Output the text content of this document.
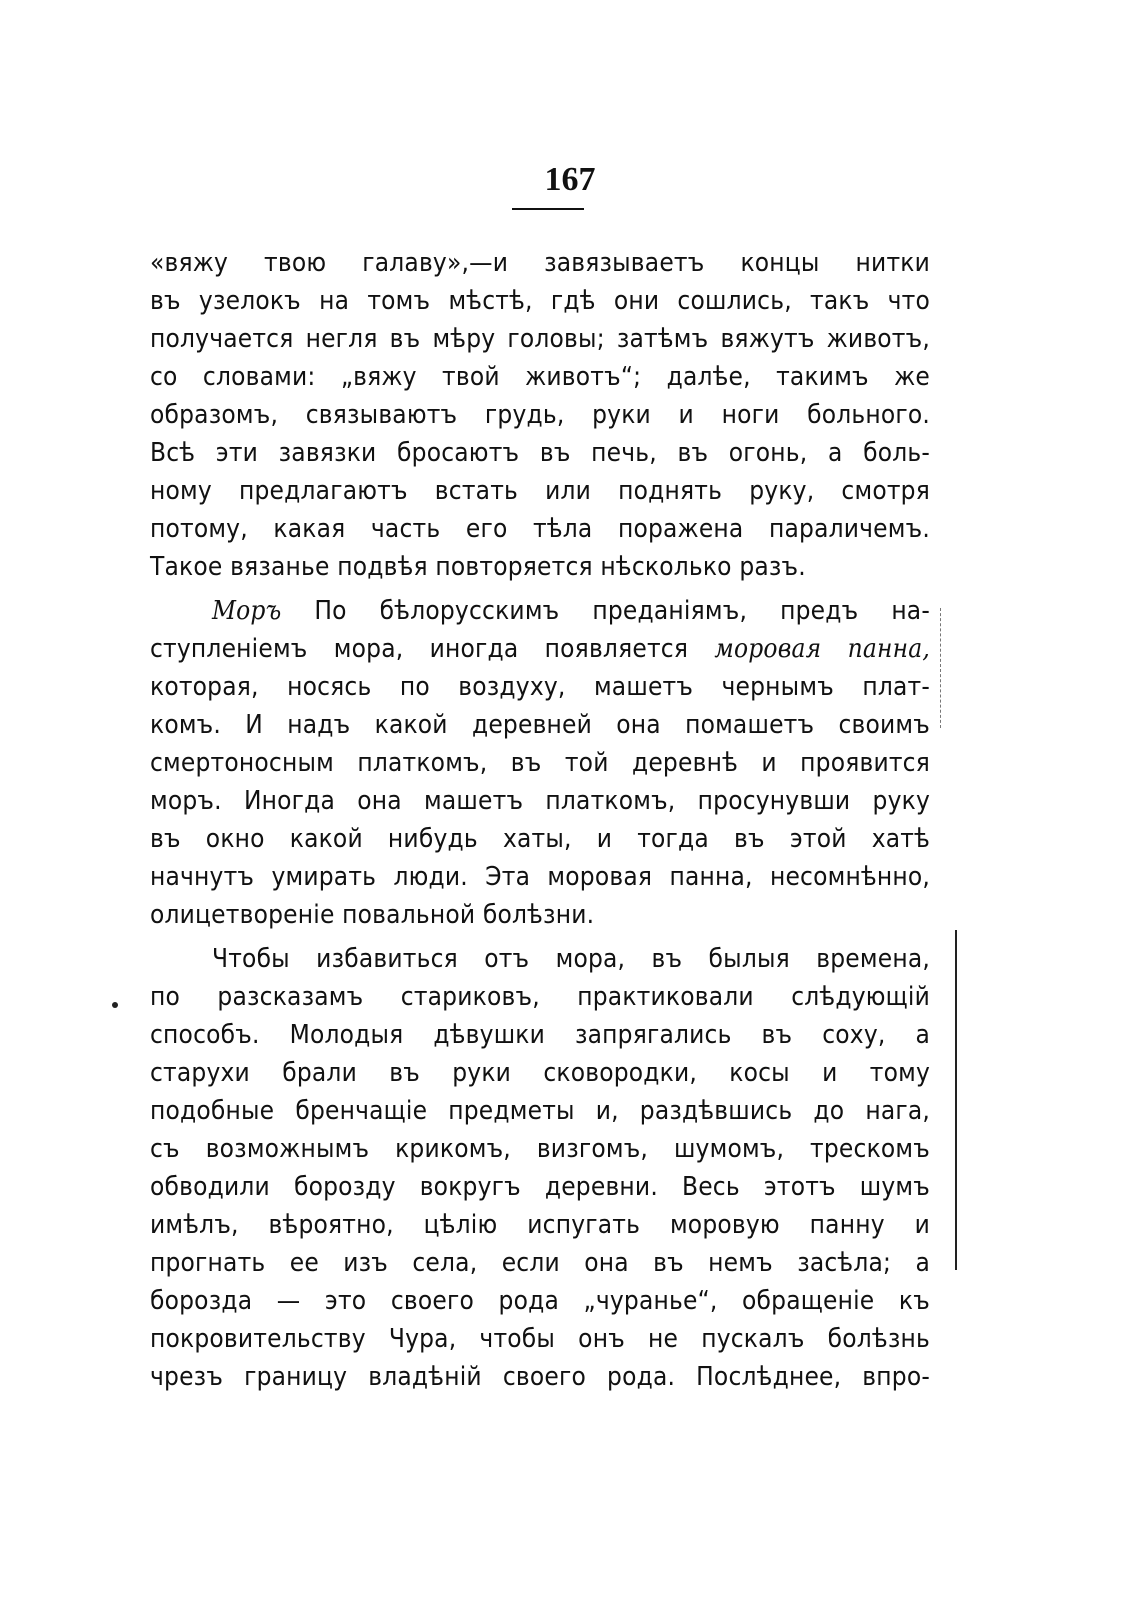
167
«вяжу твою галаву»,—и завязываетъ концы нитки
въ узелокъ на томъ мѣстѣ, гдѣ они сошлись, такъ что
получается негля въ мѣру головы; затѣмъ вяжутъ животъ,
со словами: „вяжу твой животъ“; далѣе, такимъ же
образомъ, связываютъ грудь, руки и ноги больного.
Всѣ эти завязки бросаютъ въ печь, въ огонь, а боль-
ному предлагаютъ встать или поднять руку, смотря
потому, какая часть его тѣла поражена параличемъ.
Такое вязанье подвѣя повторяется нѣсколько разъ.
Моръ По бѣлорусскимъ преданіямъ, предъ на-
ступленіемъ мора, иногда появляется моровая панна,
которая, носясь по воздуху, машетъ чернымъ плат-
комъ. И надъ какой деревней она помашетъ своимъ
смертоносным платкомъ, въ той деревнѣ и проявится
моръ. Иногда она машетъ платкомъ, просунувши руку
въ окно какой нибудь хаты, и тогда въ этой хатѣ
начнутъ умирать люди. Эта моровая панна, несомнѣнно,
олицетвореніе повальной болѣзни.
Чтобы избавиться отъ мора, въ былыя времена,
по разсказамъ стариковъ, практиковали слѣдующій
способъ. Молодыя дѣвушки запрягались въ соху, а
старухи брали въ руки сковородки, косы и тому
подобные бренчащіе предметы и, раздѣвшись до нага,
съ возможнымъ крикомъ, визгомъ, шумомъ, трескомъ
обводили борозду вокругъ деревни. Весь этотъ шумъ
имѣлъ, вѣроятно, цѣлію испугать моровую панну и
прогнать ее изъ села, если она въ немъ засѣла; а
борозда — это своего рода „чуранье“, обращеніе къ
покровительству Чура, чтобы онъ не пускалъ болѣзнь
чрезъ границу владѣній своего рода. Послѣднее, впро-
